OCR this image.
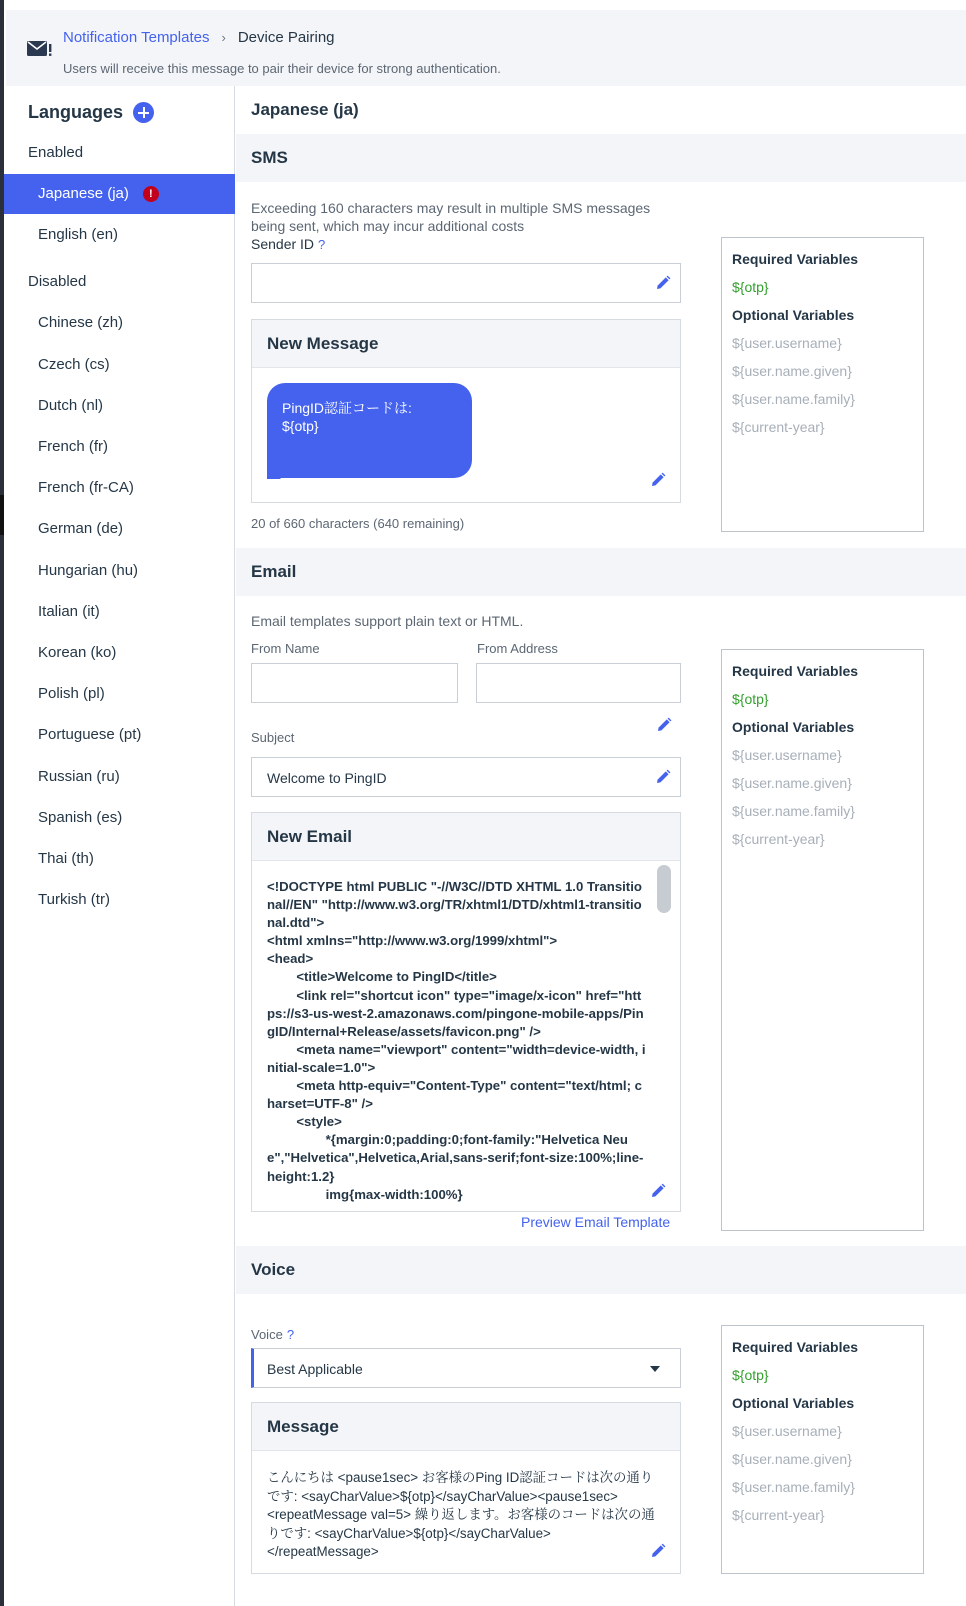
Notification Templates › Device Pairing
Users will receive this message to pair their device for strong authentication.
Languages
Enabled
Japanese (ja)	!
English (en)
Disabled
Chinese (zh)
Czech (cs)
Dutch (nl)
French (fr)
French (fr-CA)
German (de)
Hungarian (hu)
Italian (it)
Korean (ko)
Polish (pl)
Portuguese (pt)
Russian (ru)
Spanish (es)
Thai (th)
Turkish (tr)
Japanese (ja)
SMS
Exceeding 160 characters may result in multiple SMS messages
being sent, which may incur additional costs
Sender ID ?
New Message
PingID認証コードは:
${otp}
20 of 660 characters (640 remaining)
Required Variables
${otp}
Optional Variables
${user.username}
${user.name.given}
${user.name.family}
${current-year}
Email
Email templates support plain text or HTML.
From Name	From Address
Subject
Welcome to PingID
New Email
<!DOCTYPE html PUBLIC "-//W3C//DTD XHTML 1.0 Transitional//EN" "http://www.w3.org/TR/xhtml1/DTD/xhtml1-transitional.dtd">
<html xmlns="http://www.w3.org/1999/xhtml">
<head>
<title>Welcome to PingID</title>
<link rel="shortcut icon" type="image/x-icon" href="https://s3-us-west-2.amazonaws.com/pingone-mobile-apps/PingID/Internal+Release/assets/favicon.png" />
<meta name="viewport" content="width=device-width, initial-scale=1.0">
<meta http-equiv="Content-Type" content="text/html; charset=UTF-8" />
<style>
*{margin:0;padding:0;font-family:"Helvetica Neue","Helvetica",Helvetica,Arial,sans-serif;font-size:100%;line-height:1.2}
img{max-width:100%}
Preview Email Template
Required Variables
${otp}
Optional Variables
${user.username}
${user.name.given}
${user.name.family}
${current-year}
Voice
Voice ?
Best Applicable
Message
こんにちは <pause1sec> お客様のPing ID認証コードは次の通りです: <sayCharValue>${otp}</sayCharValue><pause1sec><repeatMessage val=5> 繰り返します。お客様のコードは次の通りです: <sayCharValue>${otp}</sayCharValue></repeatMessage>
Required Variables
${otp}
Optional Variables
${user.username}
${user.name.given}
${user.name.family}
${current-year}
